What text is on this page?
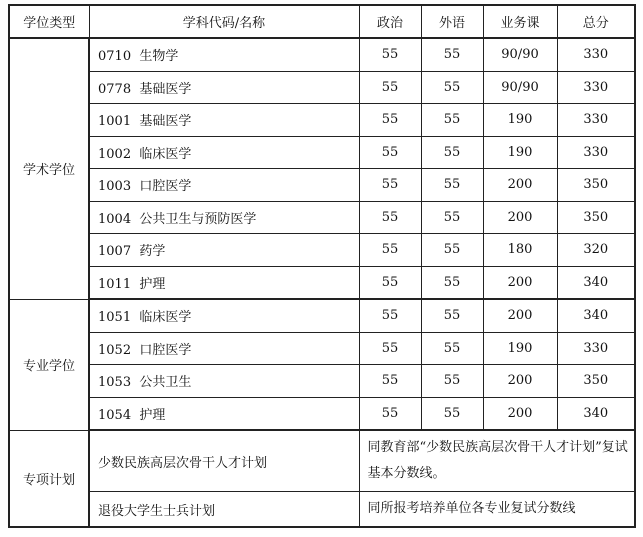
学位类型	学科代码/名称	政治	外语	业务课	总分
学术学位	0710 生物学	55	55	90/90	330
	0778 基础医学	55	55	90/90	330
	1001 基础医学	55	55	190	330
	1002 临床医学	55	55	190	330
	1003 口腔医学	55	55	200	350
	1004 公共卫生与预防医学	55	55	200	350
	1007 药学	55	55	180	320
	1011 护理	55	55	200	340
专业学位	1051 临床医学	55	55	200	340
	1052 口腔医学	55	55	190	330
	1053 公共卫生	55	55	200	350
	1054 护理	55	55	200	340
专项计划	少数民族高层次骨干人才计划	同教育部“少数民族高层次骨干人才计划”复试基本分数线。			
	退役大学生士兵计划	同所报考培养单位各专业复试分数线			
